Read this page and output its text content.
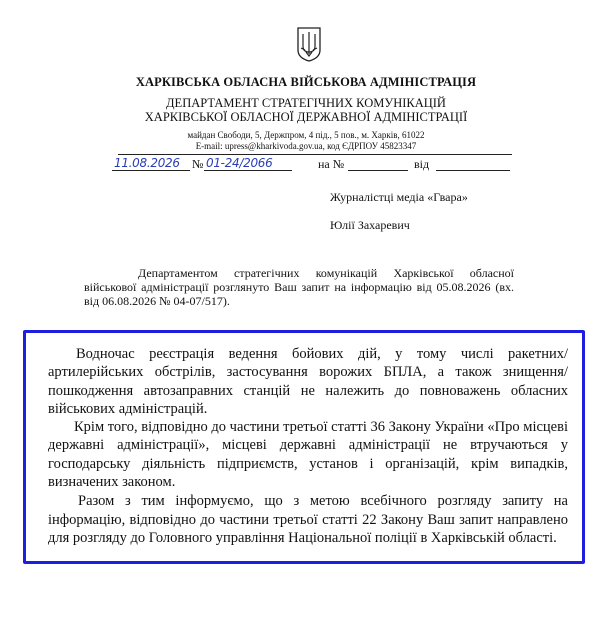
ХАРКІВСЬКА ОБЛАСНА ВІЙСЬКОВА АДМІНІСТРАЦІЯ
ДЕПАРТАМЕНТ СТРАТЕГІЧНИХ КОМУНІКАЦІЙ
ХАРКІВСЬКОЇ ОБЛАСНОЇ ДЕРЖАВНОЇ АДМІНІСТРАЦІЇ
майдан Свободи, 5, Держпром, 4 під., 5 пов., м. Харків, 61022
E-mail: upress@kharkivoda.gov.ua, код ЄДРПОУ 45823347
11.08.2026 № 01-24/2066	на №	від
Журналістці медіа «Гвара»
Юлії Захаревич

Департаментом стратегічних комунікацій Харківської обласної військової адміністрації розглянуто Ваш запит на інформацію від 05.08.2026 (вх. від 06.08.2026 № 04-07/517).

Водночас реєстрація ведення бойових дій, у тому числі ракетних/артилерійських обстрілів, застосування ворожих БПЛА, а також знищення/пошкодження автозаправних станцій не належить до повноважень обласних військових адміністрацій.

Крім того, відповідно до частини третьої статті 36 Закону України «Про місцеві державні адміністрації», місцеві державні адміністрації не втручаються у господарську діяльність підприємств, установ і організацій, крім випадків, визначених законом.

Разом з тим інформуємо, що з метою всебічного розгляду запиту на інформацію, відповідно до частини третьої статті 22 Закону Ваш запит направлено для розгляду до Головного управління Національної поліції в Харківській області.
